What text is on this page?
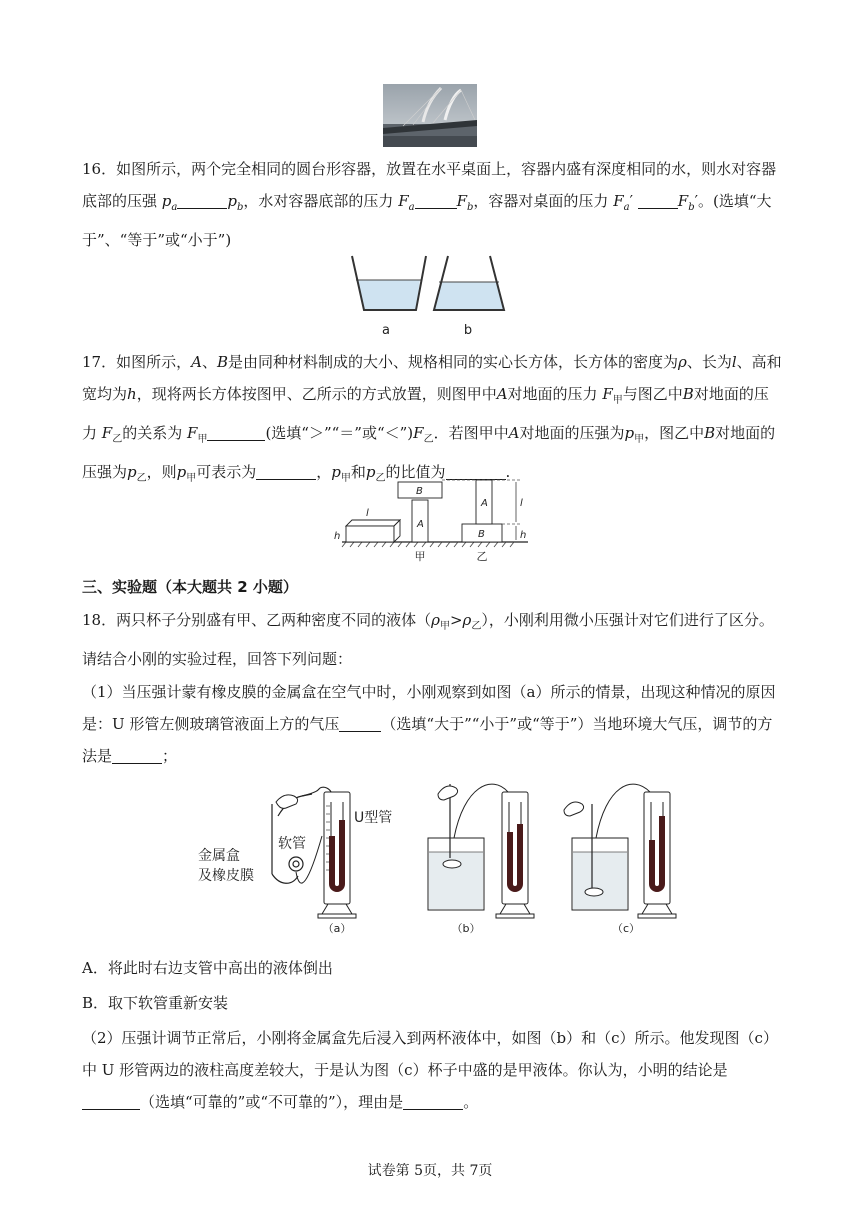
16．如图所示，两个完全相同的圆台形容器，放置在水平桌面上，容器内盛有深度相同的水，则水对容器底部的压强 $p_a$	$p_b$，水对容器底部的压力 $F_a$	$F_b$，容器对桌面的压力 $F_a'$	$F_b'$。(选填“大于”、“等于”或“小于”)

a	b

17．如图所示，A、B是由同种材料制成的大小、规格相同的实心长方体，长方体的密度为ρ、长为l、高和宽均为h，现将两长方体按图甲、乙所示的方式放置，则图甲中A对地面的压力 $F_甲$与图乙中B对地面的压力 $F_乙$的关系为 $F_甲$	(选填“＞”“＝”或“$<”)F_乙$．若图甲中A对地面的压强为$p_甲$，图乙中B对地面的压强为$p_乙$，则$p_甲$可表示为	，$p_甲$和$p_乙$的比值为	.

l
h
A
B
B
A	l
h
甲	乙
三、实验题（本大题共 2 小题）

18．两只杯子分别盛有甲、乙两种密度不同的液体$(\rho_甲>\rho_乙)$，小刚利用微小压强计对它们进行了区分。请结合小刚的实验过程，回答下列问题：

（1）当压强计蒙有橡皮膜的金属盒在空气中时，小刚观察到如图（a）所示的情景，出现这种情况的原因是：U 形管左侧玻璃管液面上方的气压	（选填“大于”“小于”或“等于”）当地环境大气压，调节的方法是	；

金属盒
及橡皮膜
软管
U型管
（a）	（b）	（c）

A．将此时右边支管中高出的液体倒出

B．取下软管重新安装

（2）压强计调节正常后，小刚将金属盒先后浸入到两杯液体中，如图（b）和（c）所示。他发现图（c）中 U 形管两边的液柱高度差较大，于是认为图（c）杯子中盛的是甲液体。你认为，小明的结论是（选填“可靠的”或“不可靠的”），理由是	。

试卷第 5页，共 7页
